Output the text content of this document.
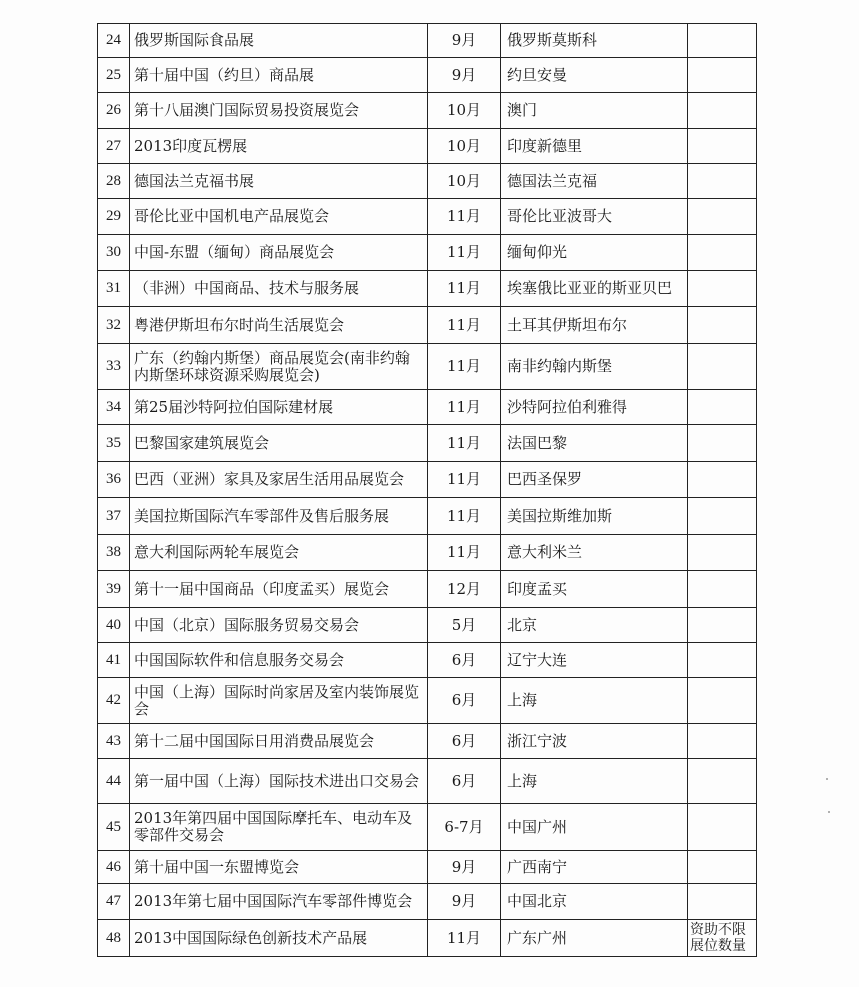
24	俄罗斯国际食品展	9月	俄罗斯莫斯科	
25	第十届中国（约旦）商品展	9月	约旦安曼	
26	第十八届澳门国际贸易投资展览会	10月	澳门	
27	2013印度瓦楞展	10月	印度新德里	
28	德国法兰克福书展	10月	德国法兰克福	
29	哥伦比亚中国机电产品展览会	11月	哥伦比亚波哥大	
30	中国-东盟（缅甸）商品展览会	11月	缅甸仰光	
31	（非洲）中国商品、技术与服务展	11月	埃塞俄比亚亚的斯亚贝巴	
32	粤港伊斯坦布尔时尚生活展览会	11月	土耳其伊斯坦布尔	
33	广东（约翰内斯堡）商品展览会(南非约翰内斯堡环球资源采购展览会)	11月	南非约翰内斯堡	
34	第25届沙特阿拉伯国际建材展	11月	沙特阿拉伯利雅得	
35	巴黎国家建筑展览会	11月	法国巴黎	
36	巴西（亚洲）家具及家居生活用品展览会	11月	巴西圣保罗	
37	美国拉斯国际汽车零部件及售后服务展	11月	美国拉斯维加斯	
38	意大利国际两轮车展览会	11月	意大利米兰	
39	第十一届中国商品（印度孟买）展览会	12月	印度孟买	
40	中国（北京）国际服务贸易交易会	5月	北京	
41	中国国际软件和信息服务交易会	6月	辽宁大连	
42	中国（上海）国际时尚家居及室内装饰展览会	6月	上海	
43	第十二届中国国际日用消费品展览会	6月	浙江宁波	
44	第一届中国（上海）国际技术进出口交易会	6月	上海	
45	2013年第四届中国国际摩托车、电动车及零部件交易会	6-7月	中国广州	
46	第十届中国一东盟博览会	9月	广西南宁	
47	2013年第七届中国国际汽车零部件博览会	9月	中国北京	
48	2013中国国际绿色创新技术产品展	11月	广东广州	资助不限展位数量
